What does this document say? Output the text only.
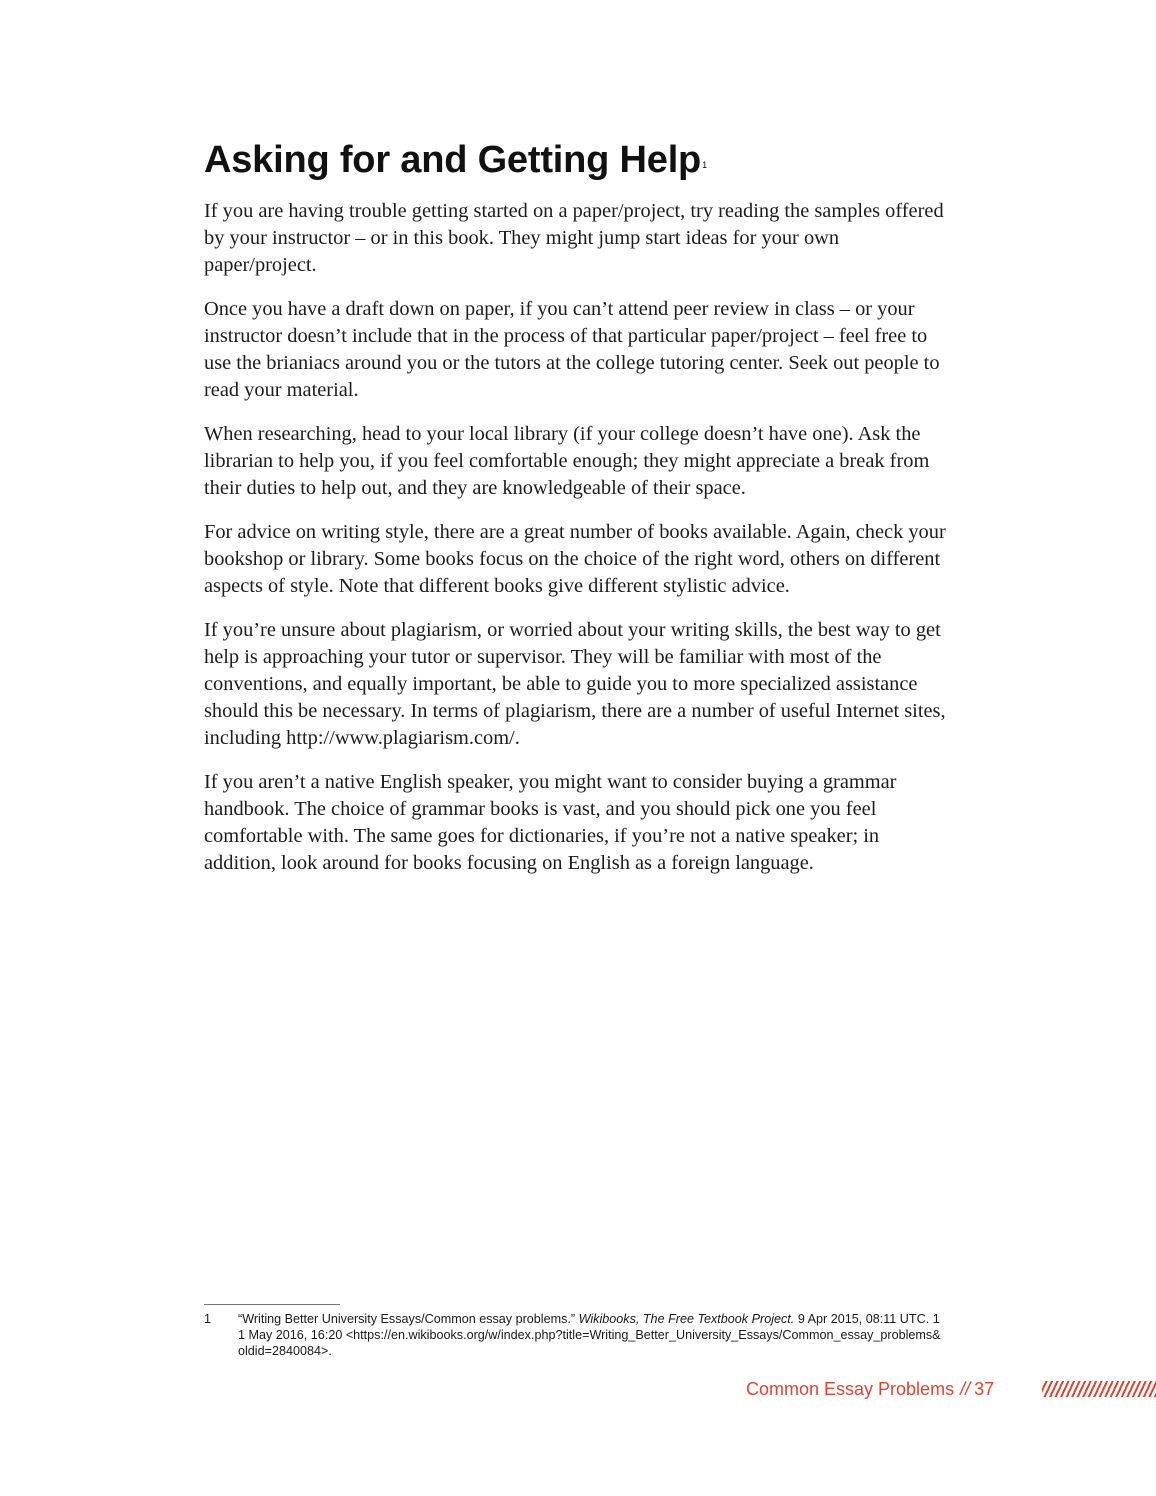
Asking for and Getting Help$^1$

If you are having trouble getting started on a paper/project, try reading the samples offered by your instructor – or in this book. They might jump start ideas for your own paper/project.

Once you have a draft down on paper, if you can’t attend peer review in class – or your instructor doesn’t include that in the process of that particular paper/project – feel free to use the brianiacs around you or the tutors at the college tutoring center. Seek out people to read your material.

When researching, head to your local library (if your college doesn’t have one). Ask the librarian to help you, if you feel comfortable enough; they might appreciate a break from their duties to help out, and they are knowledgeable of their space.

For advice on writing style, there are a great number of books available. Again, check your bookshop or library. Some books focus on the choice of the right word, others on different aspects of style. Note that different books give different stylistic advice.

If you’re unsure about plagiarism, or worried about your writing skills, the best way to get help is approaching your tutor or supervisor. They will be familiar with most of the conventions, and equally important, be able to guide you to more specialized assistance should this be necessary. In terms of plagiarism, there are a number of useful Internet sites, including http://www.plagiarism.com/.

If you aren’t a native English speaker, you might want to consider buying a grammar handbook. The choice of grammar books is vast, and you should pick one you feel comfortable with. The same goes for dictionaries, if you’re not a native speaker; in addition, look around for books focusing on English as a foreign language.

1 “Writing Better University Essays/Common essay problems.” Wikibooks, The Free Textbook Project. 9 Apr 2015, 08:11 UTC. 11 May 2016, 16:20 <https://en.wikibooks.org/w/index.php?title=Writing_Better_University_Essays/Common_essay_problems&oldid=2840084>.
Common Essay Problems // 37
